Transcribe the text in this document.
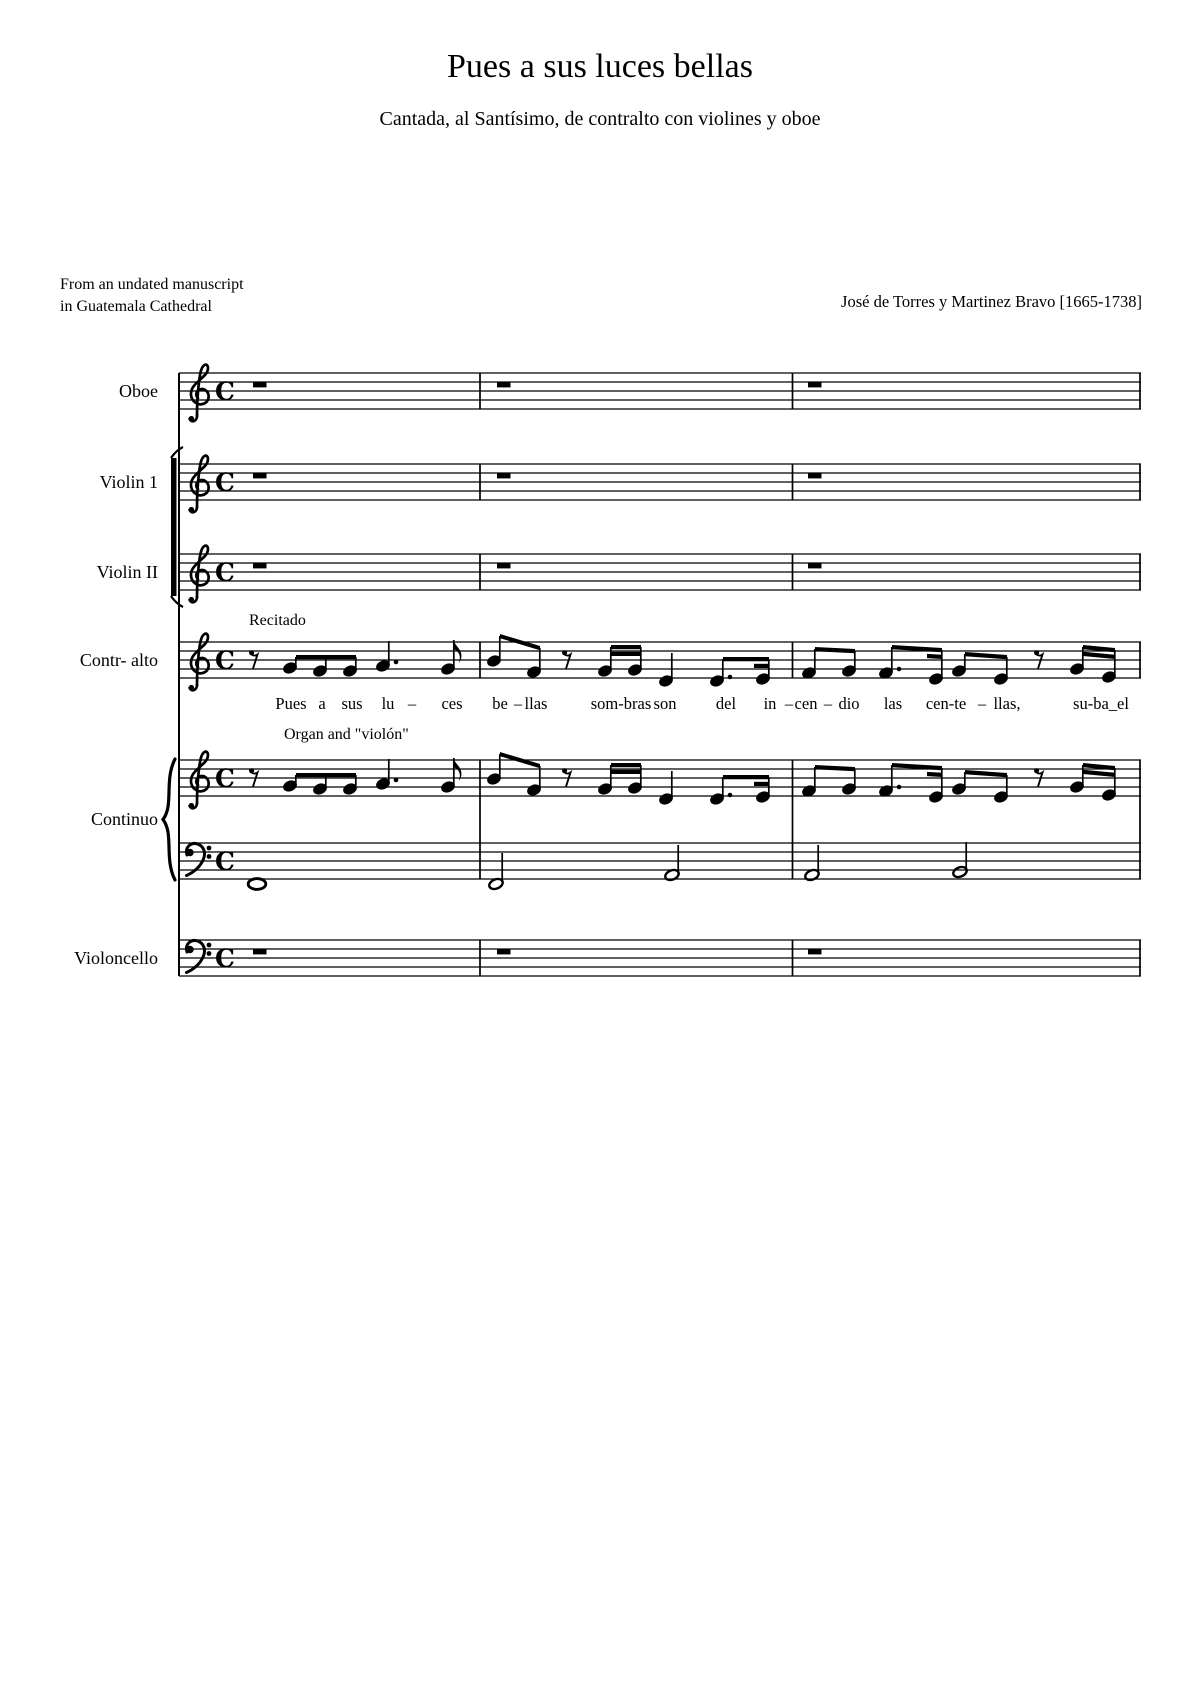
C
C
C
C
C
C
C
Pues a sus luces bellas
Cantada, al Santísimo, de contralto con violines y oboe
From an undated manuscript
in Guatemala Cathedral	José de Torres y Martinez Bravo [1665-1738]
Oboe
Violin 1
Violin II
Contr- alto
Continuo
Violoncello
Recitado
Organ and "violón"
Pues a sus lu – ces be – llas	som-bras son del in – cen – dio las cen-te – llas,	su-ba_el
